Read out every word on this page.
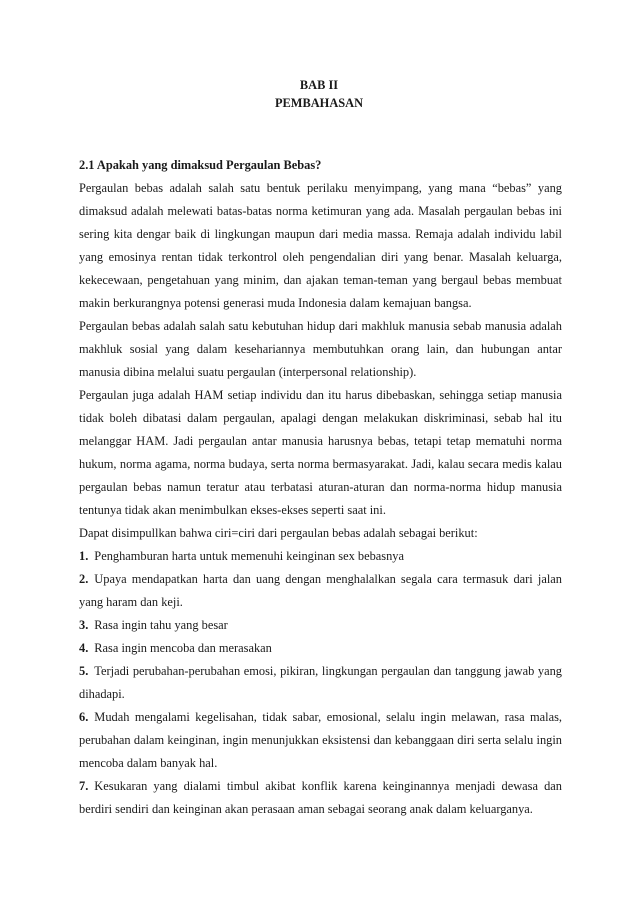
BAB II

PEMBAHASAN

2.1 Apakah yang dimaksud Pergaulan Bebas?

Pergaulan bebas adalah salah satu bentuk perilaku menyimpang, yang mana “bebas” yang dimaksud adalah melewati batas-batas norma ketimuran yang ada. Masalah pergaulan bebas ini sering kita dengar baik di lingkungan maupun dari media massa. Remaja adalah individu labil yang emosinya rentan tidak terkontrol oleh pengendalian diri yang benar. Masalah keluarga, kekecewaan, pengetahuan yang minim, dan ajakan teman-teman yang bergaul bebas membuat makin berkurangnya potensi generasi muda Indonesia dalam kemajuan bangsa.

Pergaulan bebas adalah salah satu kebutuhan hidup dari makhluk manusia sebab manusia adalah makhluk sosial yang dalam kesehariannya membutuhkan orang lain, dan hubungan antar manusia dibina melalui suatu pergaulan (interpersonal relationship).

Pergaulan juga adalah HAM setiap individu dan itu harus dibebaskan, sehingga setiap manusia tidak boleh dibatasi dalam pergaulan, apalagi dengan melakukan diskriminasi, sebab hal itu melanggar HAM. Jadi pergaulan antar manusia harusnya bebas, tetapi tetap mematuhi norma hukum, norma agama, norma budaya, serta norma bermasyarakat. Jadi, kalau secara medis kalau pergaulan bebas namun teratur atau terbatasi aturan-aturan dan norma-norma hidup manusia tentunya tidak akan menimbulkan ekses-ekses seperti saat ini.

Dapat disimpullkan bahwa ciri=ciri dari pergaulan bebas adalah sebagai berikut:

1. Penghamburan harta untuk memenuhi keinginan sex bebasnya

2. Upaya mendapatkan harta dan uang dengan menghalalkan segala cara termasuk dari jalan yang haram dan keji.

3. Rasa ingin tahu yang besar

4. Rasa ingin mencoba dan merasakan

5. Terjadi perubahan-perubahan emosi, pikiran, lingkungan pergaulan dan tanggung jawab yang dihadapi.

6. Mudah mengalami kegelisahan, tidak sabar, emosional, selalu ingin melawan, rasa malas, perubahan dalam keinginan, ingin menunjukkan eksistensi dan kebanggaan diri serta selalu ingin mencoba dalam banyak hal.

7. Kesukaran yang dialami timbul akibat konflik karena keinginannya menjadi dewasa dan berdiri sendiri dan keinginan akan perasaan aman sebagai seorang anak dalam keluarganya.
